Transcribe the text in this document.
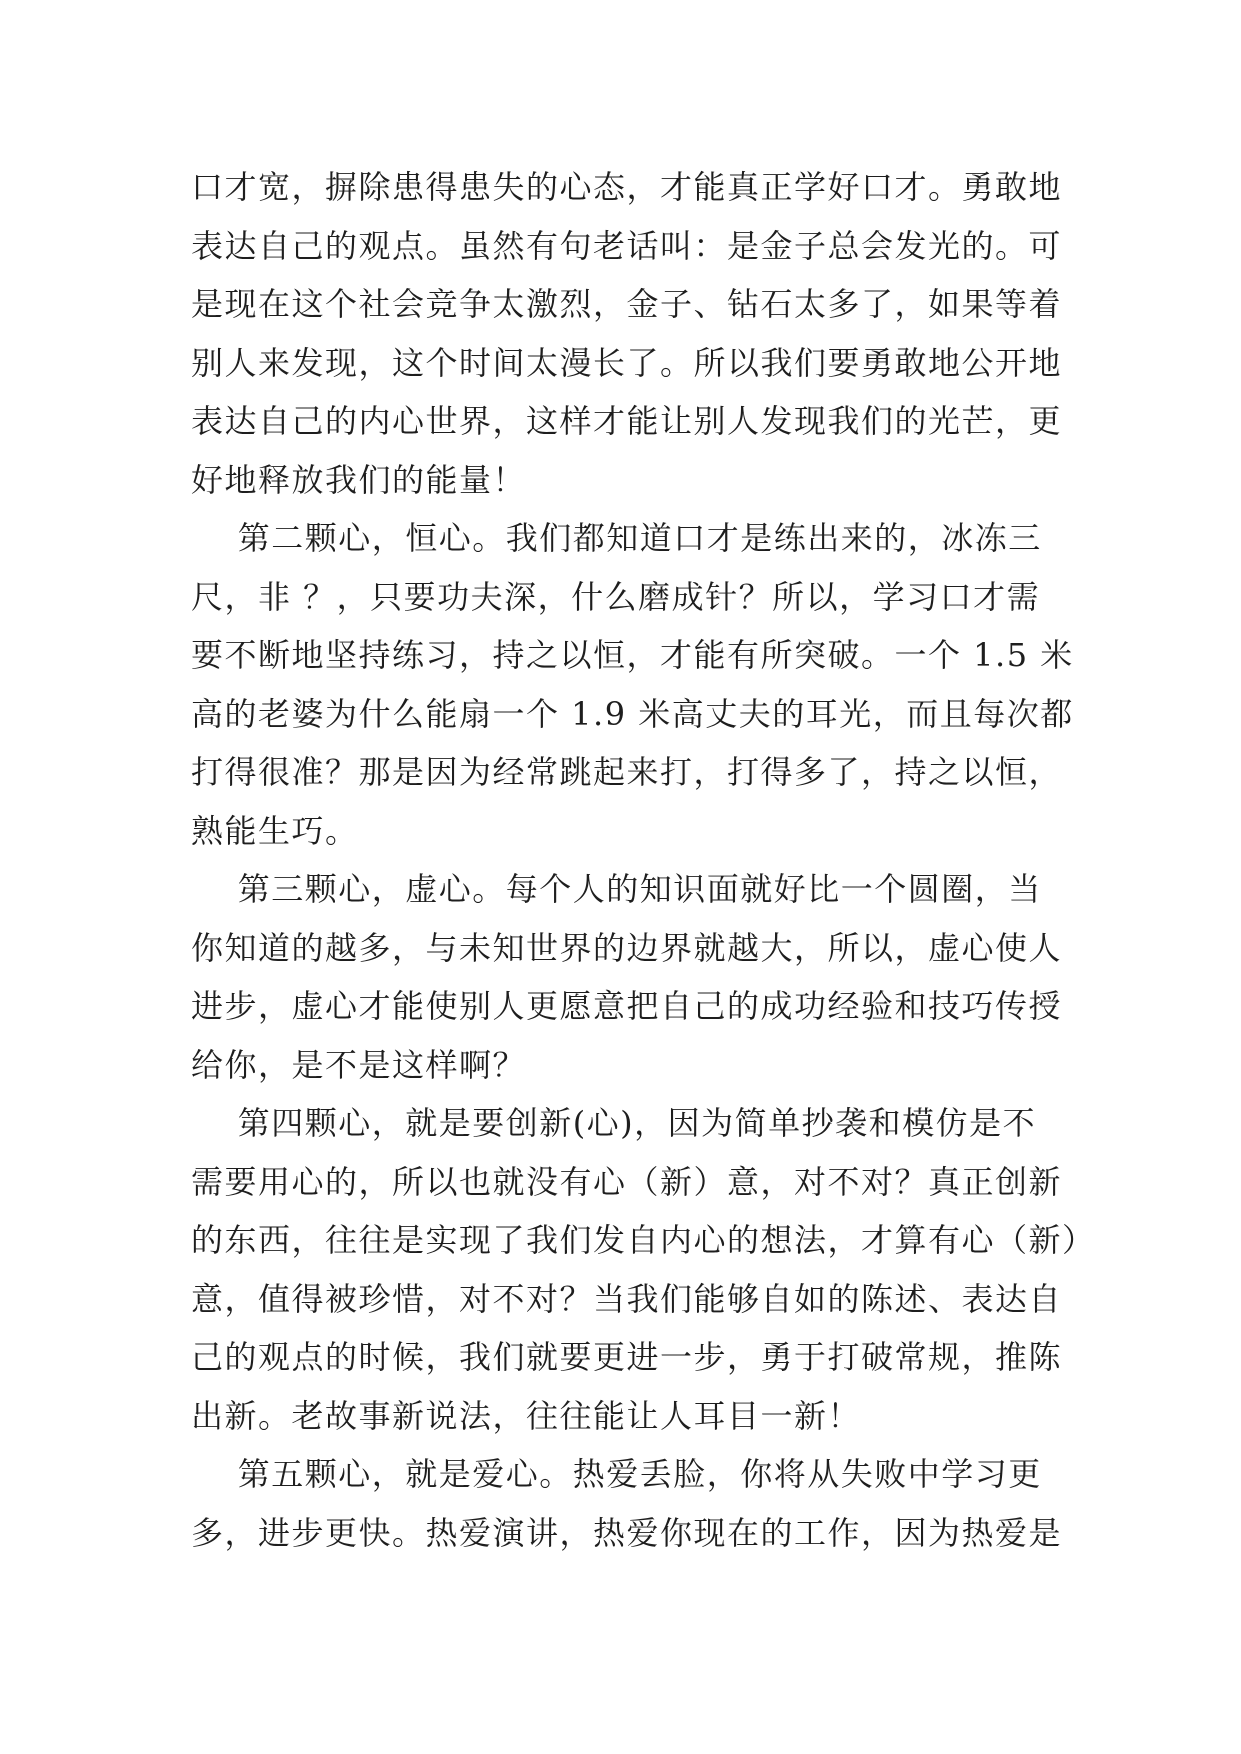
口才宽，摒除患得患失的心态，才能真正学好口才。勇敢地
表达自己的观点。虽然有句老话叫：是金子总会发光的。可
是现在这个社会竞争太激烈，金子、钻石太多了，如果等着
别人来发现，这个时间太漫长了。所以我们要勇敢地公开地
表达自己的内心世界，这样才能让别人发现我们的光芒，更
好地释放我们的能量！
第二颗心，恒心。我们都知道口才是练出来的，冰冻三
尺，非 ？，只要功夫深，什么磨成针？所以，学习口才需
要不断地坚持练习，持之以恒，才能有所突破。一个 1.5 米
高的老婆为什么能扇一个 1.9 米高丈夫的耳光，而且每次都
打得很准？那是因为经常跳起来打，打得多了，持之以恒，
熟能生巧。
第三颗心，虚心。每个人的知识面就好比一个圆圈，当
你知道的越多，与未知世界的边界就越大，所以，虚心使人
进步，虚心才能使别人更愿意把自己的成功经验和技巧传授
给你，是不是这样啊？
第四颗心，就是要创新(心)，因为简单抄袭和模仿是不
需要用心的，所以也就没有心（新）意，对不对？真正创新
的东西，往往是实现了我们发自内心的想法，才算有心（新）
意，值得被珍惜，对不对？当我们能够自如的陈述、表达自
己的观点的时候，我们就要更进一步，勇于打破常规，推陈
出新。老故事新说法，往往能让人耳目一新！
第五颗心，就是爱心。热爱丢脸，你将从失败中学习更
多，进步更快。热爱演讲，热爱你现在的工作，因为热爱是
